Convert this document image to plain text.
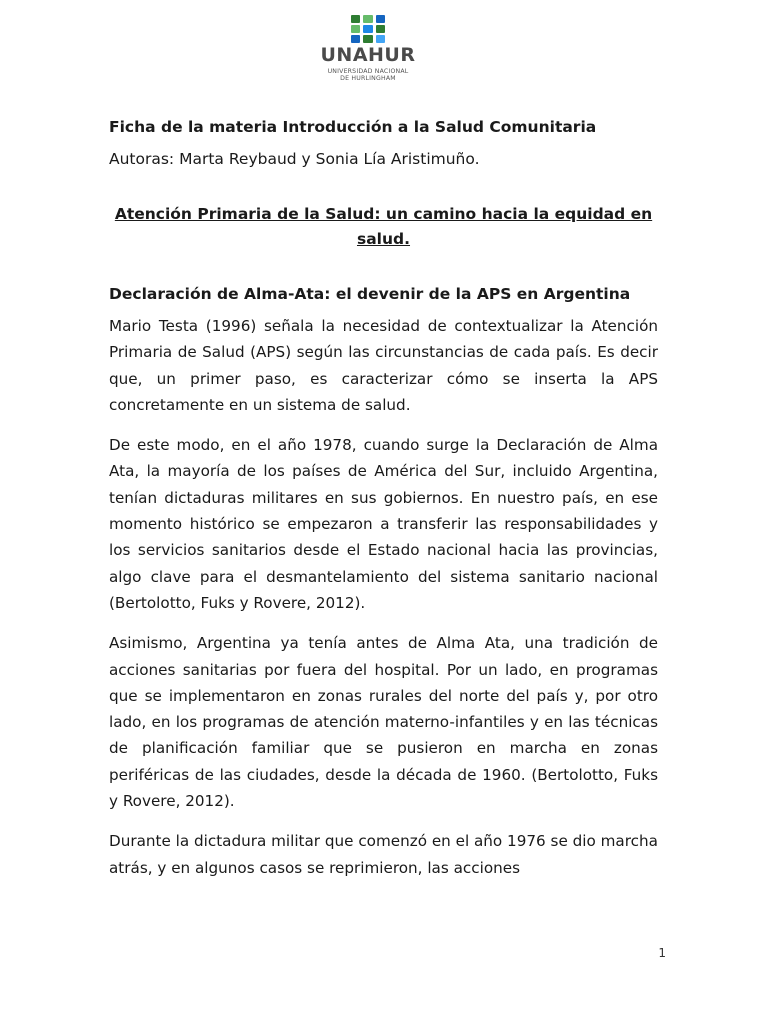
UNAHUR
UNIVERSIDAD NACIONAL
DE HURLINGHAM

Ficha de la materia Introducción a la Salud Comunitaria

Autoras: Marta Reybaud y Sonia Lía Aristimuño.

Atención Primaria de la Salud: un camino hacia la equidad en salud.

Declaración de Alma-Ata: el devenir de la APS en Argentina

Mario Testa (1996) señala la necesidad de contextualizar la Atención Primaria de Salud (APS) según las circunstancias de cada país. Es decir que, un primer paso, es caracterizar cómo se inserta la APS concretamente en un sistema de salud.

De este modo, en el año 1978, cuando surge la Declaración de Alma Ata, la mayoría de los países de América del Sur, incluido Argentina, tenían dictaduras militares en sus gobiernos. En nuestro país, en ese momento histórico se empezaron a transferir las responsabilidades y los servicios sanitarios desde el Estado nacional hacia las provincias, algo clave para el desmantelamiento del sistema sanitario nacional (Bertolotto, Fuks y Rovere, 2012).

Asimismo, Argentina ya tenía antes de Alma Ata, una tradición de acciones sanitarias por fuera del hospital. Por un lado, en programas que se implementaron en zonas rurales del norte del país y, por otro lado, en los programas de atención materno-infantiles y en las técnicas de planificación familiar que se pusieron en marcha en zonas periféricas de las ciudades, desde la década de 1960. (Bertolotto, Fuks y Rovere, 2012).

Durante la dictadura militar que comenzó en el año 1976 se dio marcha atrás, y en algunos casos se reprimieron, las acciones

1
